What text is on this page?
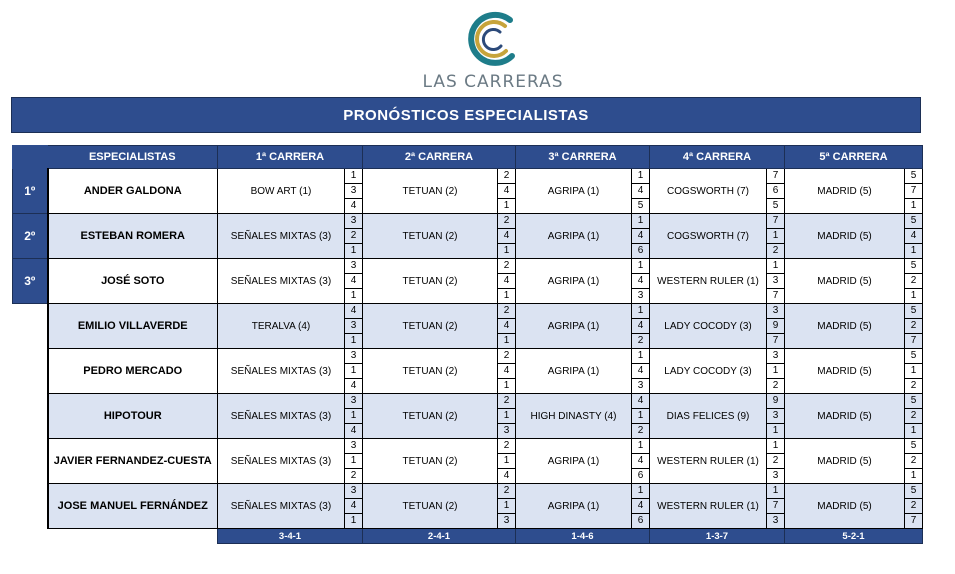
LAS CARRERAS
PRONÓSTICOS ESPECIALISTAS
	ESPECIALISTAS	1ª CARRERA		2ª CARRERA		3ª CARRERA		4ª CARRERA		5ª CARRERA	
1º	ANDER GALDONA	BOW ART (1)	1	TETUAN (2)	2	AGRIPA (1)	1	COGSWORTH (7)	7	MADRID (5)	5
			3		4		4		6		7
			4		1		5		5		1
2º	ESTEBAN ROMERA	SEÑALES MIXTAS (3)	3	TETUAN (2)	2	AGRIPA (1)	1	COGSWORTH (7)	7	MADRID (5)	5
			2		4		4		1		4
			1		1		6		2		1
3º	JOSÉ SOTO	SEÑALES MIXTAS (3)	3	TETUAN (2)	2	AGRIPA (1)	1	WESTERN RULER (1)	1	MADRID (5)	5
			4		4		4		3		2
			1		1		3		7		1
	EMILIO VILLAVERDE	TERALVA (4)	4	TETUAN (2)	2	AGRIPA (1)	1	LADY COCODY (3)	3	MADRID (5)	5
			3		4		4		9		2
			1		1		2		7		7
	PEDRO MERCADO	SEÑALES MIXTAS (3)	3	TETUAN (2)	2	AGRIPA (1)	1	LADY COCODY (3)	3	MADRID (5)	5
			1		4		4		1		1
			4		1		3		2		2
	HIPOTOUR	SEÑALES MIXTAS (3)	3	TETUAN (2)	2	HIGH DINASTY (4)	4	DIAS FELICES (9)	9	MADRID (5)	5
			1		1		1		3		2
			4		3		2		1		1
	JAVIER FERNANDEZ-CUESTA	SEÑALES MIXTAS (3)	3	TETUAN (2)	2	AGRIPA (1)	1	WESTERN RULER (1)	1	MADRID (5)	5
			1		1		4		2		2
			2		4		6		3		1
	JOSE MANUEL FERNÁNDEZ	SEÑALES MIXTAS (3)	3	TETUAN (2)	2	AGRIPA (1)	1	WESTERN RULER (1)	1	MADRID (5)	5
			4		1		4		7		2
			1		3		6		3		7
		3-4-1		2-4-1		1-4-6		1-3-7		5-2-1	
